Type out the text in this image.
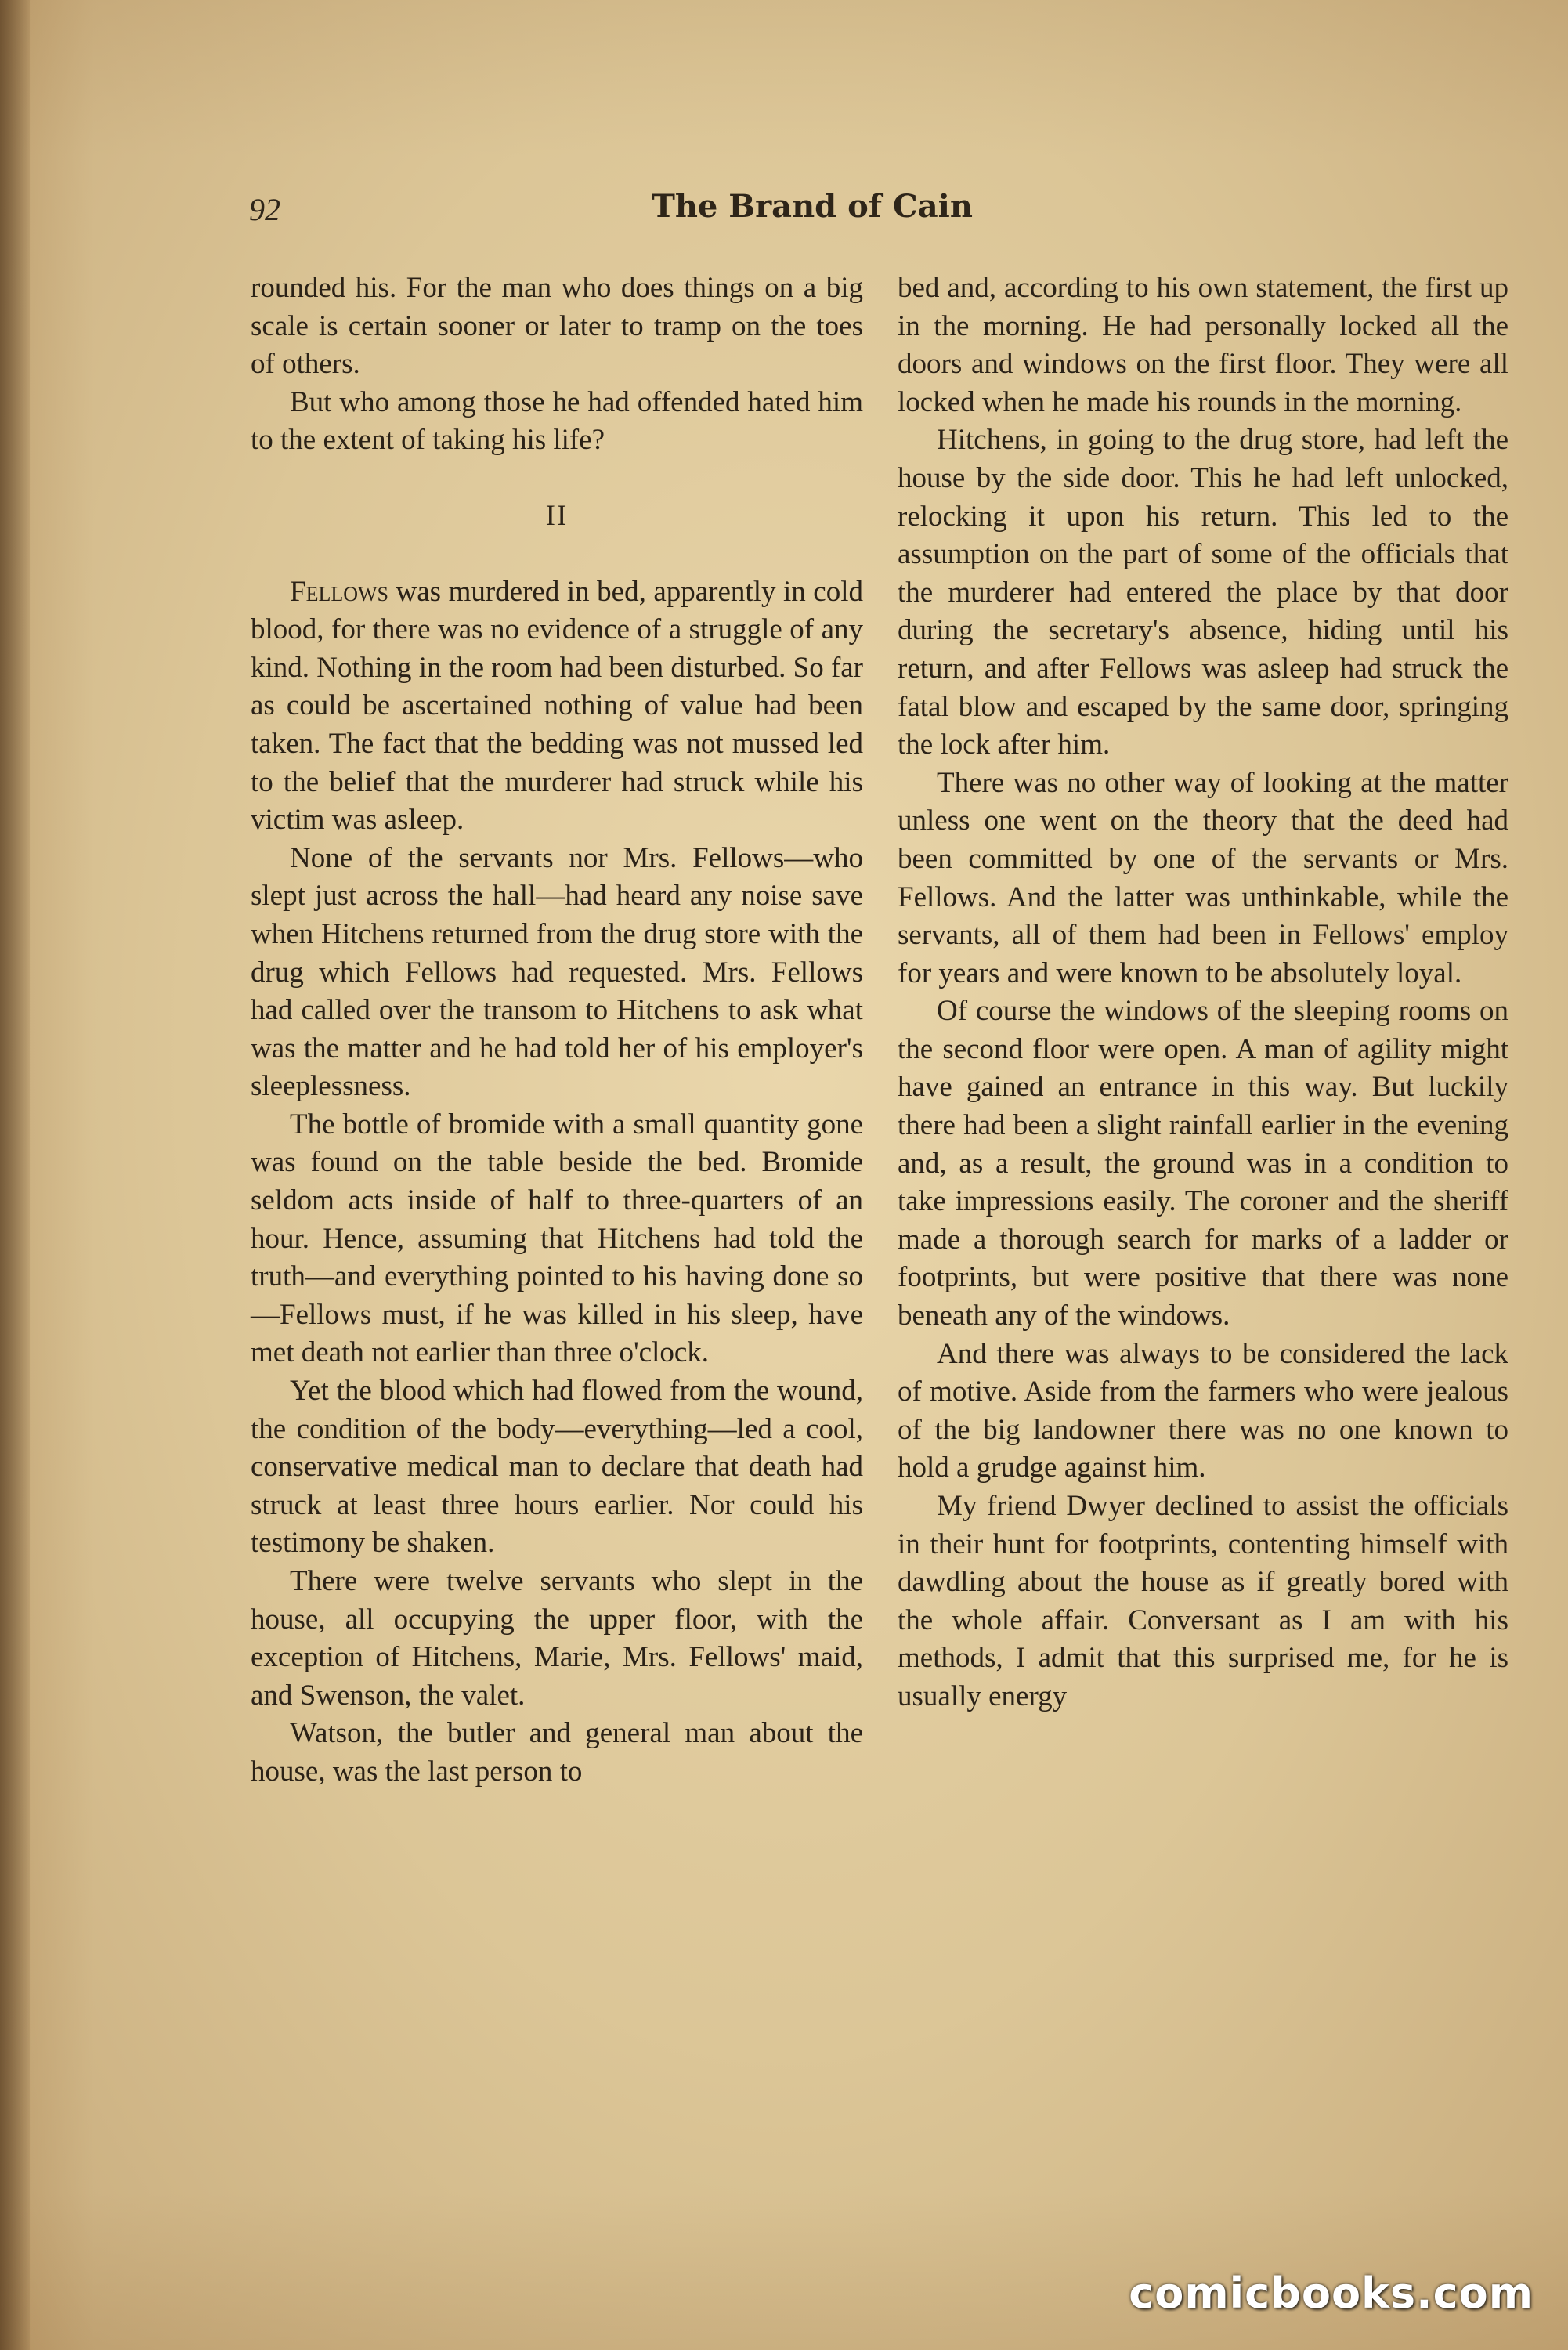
92	The Brand of Cain

rounded his. For the man who does things on a big scale is certain sooner or later to tramp on the toes of others.

But who among those he had offended hated him to the extent of taking his life?

II

Fellows was murdered in bed, apparently in cold blood, for there was no evidence of a struggle of any kind. Nothing in the room had been disturbed. So far as could be ascertained nothing of value had been taken. The fact that the bedding was not mussed led to the belief that the murderer had struck while his victim was asleep.

None of the servants nor Mrs. Fellows—who slept just across the hall—had heard any noise save when Hitchens returned from the drug store with the drug which Fellows had requested. Mrs. Fellows had called over the transom to Hitchens to ask what was the matter and he had told her of his employer's sleeplessness.

The bottle of bromide with a small quantity gone was found on the table beside the bed. Bromide seldom acts inside of half to three-quarters of an hour. Hence, assuming that Hitchens had told the truth—and everything pointed to his having done so—Fellows must, if he was killed in his sleep, have met death not earlier than three o'clock.

Yet the blood which had flowed from the wound, the condition of the body—everything—led a cool, conservative medical man to declare that death had struck at least three hours earlier. Nor could his testimony be shaken.

There were twelve servants who slept in the house, all occupying the upper floor, with the exception of Hitchens, Marie, Mrs. Fellows' maid, and Swenson, the valet.

Watson, the butler and general man about the house, was the last person to

bed and, according to his own statement, the first up in the morning. He had personally locked all the doors and windows on the first floor. They were all locked when he made his rounds in the morning.

Hitchens, in going to the drug store, had left the house by the side door. This he had left unlocked, relocking it upon his return. This led to the assumption on the part of some of the officials that the murderer had entered the place by that door during the secretary's absence, hiding until his return, and after Fellows was asleep had struck the fatal blow and escaped by the same door, springing the lock after him.

There was no other way of looking at the matter unless one went on the theory that the deed had been committed by one of the servants or Mrs. Fellows. And the latter was unthinkable, while the servants, all of them had been in Fellows' employ for years and were known to be absolutely loyal.

Of course the windows of the sleeping rooms on the second floor were open. A man of agility might have gained an entrance in this way. But luckily there had been a slight rainfall earlier in the evening and, as a result, the ground was in a condition to take impressions easily. The coroner and the sheriff made a thorough search for marks of a ladder or footprints, but were positive that there was none beneath any of the windows.

And there was always to be considered the lack of motive. Aside from the farmers who were jealous of the big landowner there was no one known to hold a grudge against him.

My friend Dwyer declined to assist the officials in their hunt for footprints, contenting himself with dawdling about the house as if greatly bored with the whole affair. Conversant as I am with his methods, I admit that this surprised me, for he is usually energy

comicbooks.com
